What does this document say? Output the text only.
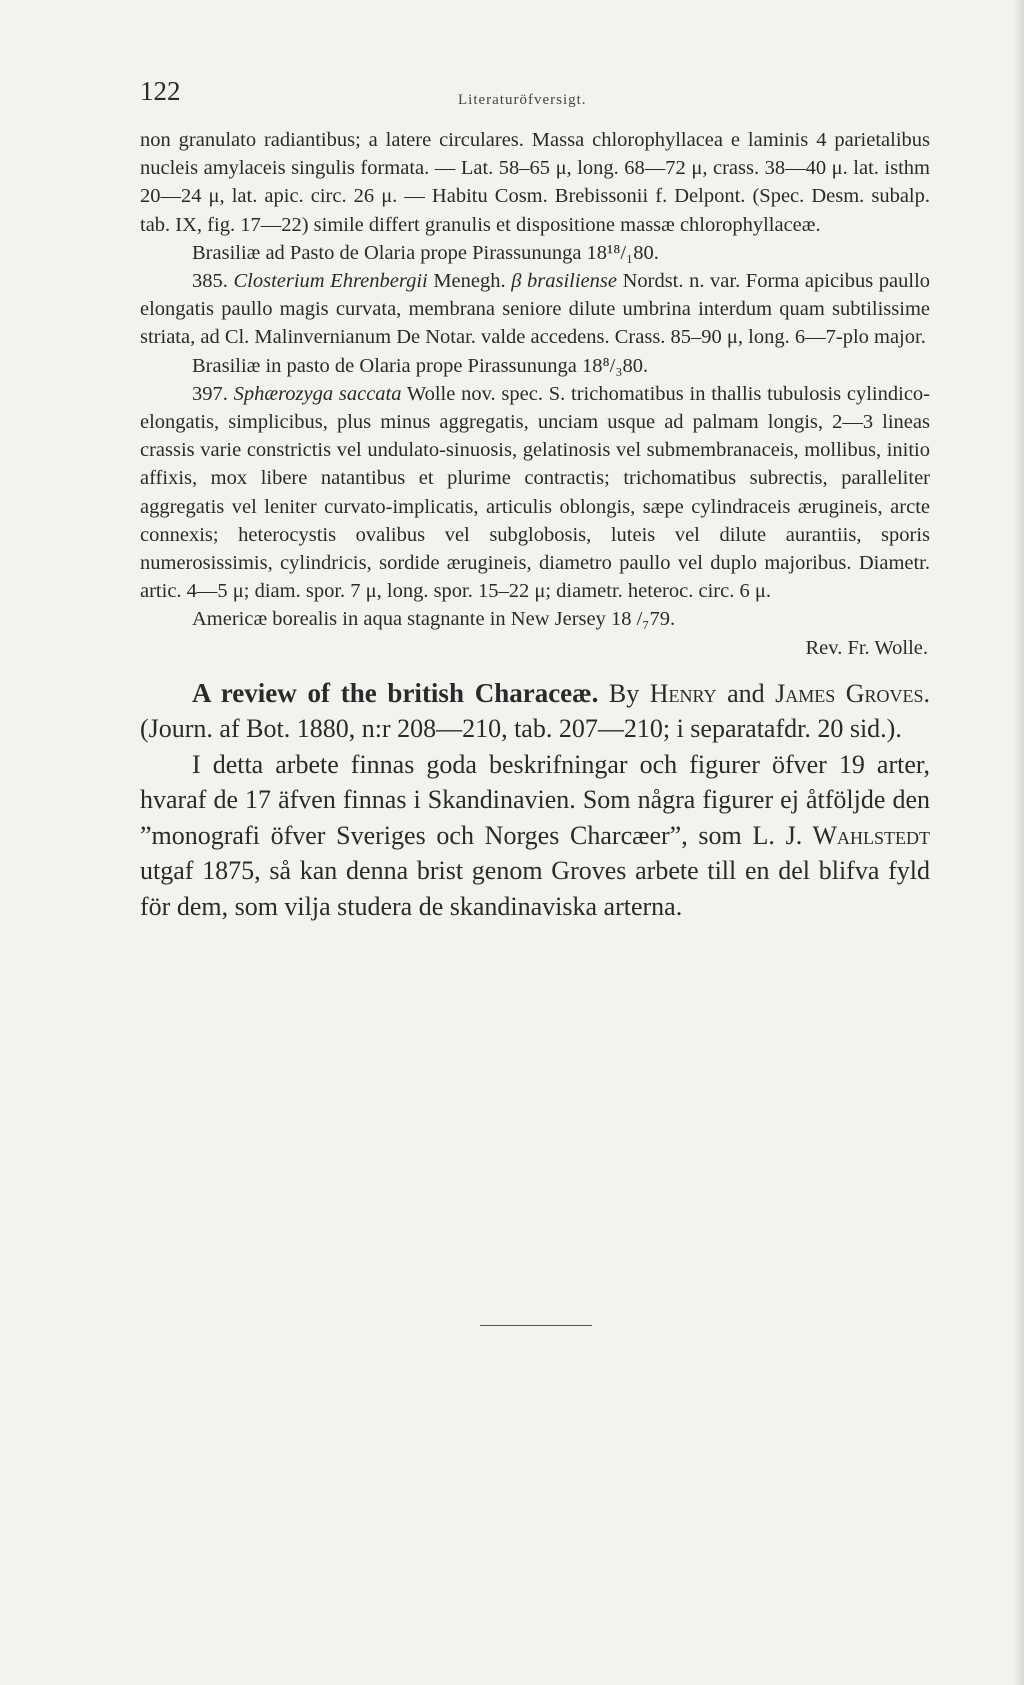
122	Literaturöfversigt.

non granulato radiantibus; a latere circulares. Massa chlorophyllacea e laminis 4 parietalibus nucleis amylaceis singulis formata. — Lat. 58–65 μ, long. 68—72 μ, crass. 38—40 μ. lat. isthm 20—24 μ, lat. apic. circ. 26 μ. — Habitu Cosm. Brebissonii f. Delpont. (Spec. Desm. subalp. tab. IX, fig. 17—22) simile differt granulis et dispositione massæ chlorophyllaceæ.

Brasiliæ ad Pasto de Olaria prope Pirassununga 18¹⁸/₁80.

385. Closterium Ehrenbergii Menegh. β brasiliense Nordst. n. var. Forma apicibus paullo elongatis paullo magis curvata, membrana seniore dilute umbrina interdum quam subtilissime striata, ad Cl. Malinvernianum De Notar. valde accedens. Crass. 85–90 μ, long. 6—7-plo major.

Brasiliæ in pasto de Olaria prope Pirassununga 18⁸/₃80.

397. Sphærozyga saccata Wolle nov. spec. S. trichomatibus in thallis tubulosis cylindico-elongatis, simplicibus, plus minus aggregatis, unciam usque ad palmam longis, 2—3 lineas crassis varie constrictis vel undulato-sinuosis, gelatinosis vel submembranaceis, mollibus, initio affixis, mox libere natantibus et plurime contractis; trichomatibus subrectis, paralleliter aggregatis vel leniter curvato-implicatis, articulis oblongis, sæpe cylindraceis ærugineis, arcte connexis; heterocystis ovalibus vel subglobosis, luteis vel dilute aurantiis, sporis numerosissimis, cylindricis, sordide ærugineis, diametro paullo vel duplo majoribus. Diametr. artic. 4—5 μ; diam. spor. 7 μ, long. spor. 15–22 μ; diametr. heteroc. circ. 6 μ.

Americæ borealis in aqua stagnante in New Jersey 18 /₇79.

Rev. Fr. Wolle.

A review of the british Characeæ. By Henry and James Groves. (Journ. af Bot. 1880, n:r 208—210, tab. 207—210; i separatafdr. 20 sid.).

I detta arbete finnas goda beskrifningar och figurer öfver 19 arter, hvaraf de 17 äfven finnas i Skandinavien. Som några figurer ej åtföljde den ”monografi öfver Sveriges och Norges Charcæer”, som L. J. Wahlstedt utgaf 1875, så kan denna brist genom Groves arbete till en del blifva fyld för dem, som vilja studera de skandinaviska arterna.
